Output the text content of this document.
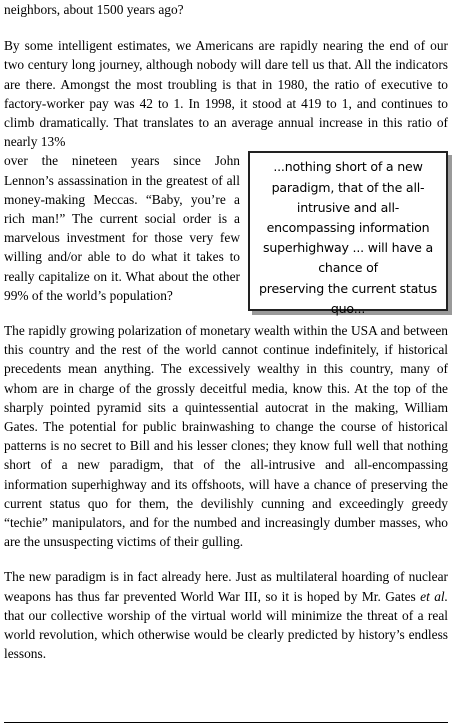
neighbors, about 1500 years ago?

By some intelligent estimates, we Americans are rapidly nearing the end of our two century long journey, although nobody will dare tell us that. All the indicators are there. Amongst the most troubling is that in 1980, the ratio of executive to factory-worker pay was 42 to 1. In 1998, it stood at 419 to 1, and continues to climb dramatically. That translates to an average annual increase in this ratio of nearly 13%

...nothing short of a new
paradigm, that of the all-
intrusive and all-
encompassing information
superhighway ... will have a
chance of
preserving the current status
quo...

over the nineteen years since John Lennon’s assassination in the greatest of all money-making Meccas. “Baby, you’re a rich man!” The current social order is a marvelous investment for those very few willing and/or able to do what it takes to really capitalize on it. What about the other 99% of the world’s population?

The rapidly growing polarization of monetary wealth within the USA and between this country and the rest of the world cannot continue indefinitely, if historical precedents mean anything. The excessively wealthy in this country, many of whom are in charge of the grossly deceitful media, know this. At the top of the sharply pointed pyramid sits a quintessential autocrat in the making, William Gates. The potential for public brainwashing to change the course of historical patterns is no secret to Bill and his lesser clones; they know full well that nothing short of a new paradigm, that of the all-intrusive and all-encompassing information superhighway and its offshoots, will have a chance of preserving the current status quo for them, the devilishly cunning and exceedingly greedy “techie” manipulators, and for the numbed and increasingly dumber masses, who are the unsuspecting victims of their gulling.

The new paradigm is in fact already here. Just as multilateral hoarding of nuclear weapons has thus far prevented World War III, so it is hoped by Mr. Gates et al. that our collective worship of the virtual world will minimize the threat of a real world revolution, which otherwise would be clearly predicted by history’s endless lessons.
